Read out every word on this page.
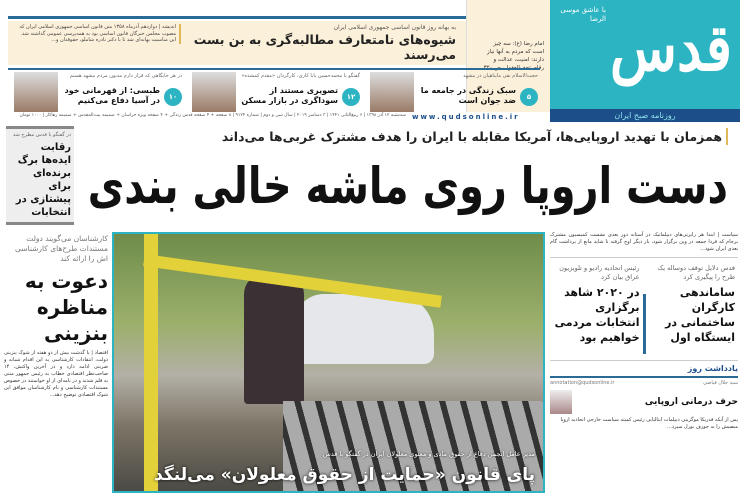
به بهانه روز قانون اساسی جمهوری اسلامی ایران
شیوه‌های نامتعارف مطالبه‌گری به بن بست می‌رسند
اندیشه | دوازدهم آذرماه ۱۳۵۸ متن قانون اساسی جمهوری اسلامی ایران که مصوب مجلس خبرگان قانون اساسی بود به همه‌پرسی عمومی گذاشته شد. این مناسبت بهانه‌ای شد تا با دکتر نادره شاملو، حقوقدان و...
امام رضا (ع): سه چیز است که مردم به آنها نیاز دارند: امنیت، عدالت و رفاه. تحف‌العقول، ص ۳۲۰ قدس
با عاشق موسی الرضا
روزنامه صبح ایران
حجت‌الاسلام نقی مایناهیان در مشهد
۵
سبک زندگی در جامعه ما ضد جوان است
گفتگو با محمدحسین بابا کاری، کارگردان «مقدم کمشده»
۱۲
تصویری مستند از سوداگری در بازار مسکن
در هر جایگاهی که قرار دارم مدیون مردم مشهد هستم
۱۰
طبسی: از قهرمانی خود در آسیا دفاع می‌کنیم
سه‌شنبه ۱۲ آذر ۱۳۹۸ | ۶ ربیع‌الثانی ۱۴۴۱ | ۳ دسامبر ۲۰۱۹ | سال سی و دوم | شماره ۹۱۲۴ | ۸ صفحه + ۴ صفحه قدس زندگی + ۴ صفحه ویژه خراسان + ضمیمه بیت‌المقدس + ضمیمه رهاکار | ۱۰۰۰ تومان www.qudsonline.ir
در گفتگو با قدس مطرح شد
رقابت ایده‌ها برگ برنده‌ای برای پیشتازی در انتخابات
همزمان با تهدید اروپایی‌ها، آمریکا مقابله با ایران را هدف مشترک غربی‌ها می‌داند
دست اروپا روی ماشه خالی بندی
مدیر عامل انجمن دفاع از حقوق مادی و معنوی معلولان ایران در گفتگو با قدس
پای قانون «حمایت از حقوق معلولان» می‌لنگد
کارشناسان می‌گویند دولت مستندات طرح‌های کارشناسی اش را ارائه کند
دعوت به مناظره بنزینی
اقتصاد | با گذشت بیش از دو هفته از شوک بنزینی دولت، انتقادات کارشناسی به این اقدام شبانه و ضربتی ادامه دارد و در آخرین واکنش، ۱۴ صاحب‌نظر اقتصادی خطاب به رئیس جمهور متنی به قلم شدند و در نامه‌ای از او خواستند در خصوص مستندات کارشناسی و نام کارشناسان موافق این شوک اقتصادی توضیح دهد...
سیاست | ابتدا هر رایزنی‌های دیپلماتیک در آستانه دور بعدی نشست کمیسیون مشترک برجام که فردا جمعه در وین برگزار شود، باز دیگر اوج گرفته تا شاید مانع از برداشت گام بعدی ایران شود...
قدس دلایل توقف دوساله یک طرح را پیگیری کرد
ساماندهی کارگران ساختمانی در ایستگاه اول
رئیس اتحادیه رادیو و تلویزیون عراق بیان کرد
در ۲۰۲۰ شاهد برگزاری انتخابات مردمی خواهیم بود
یادداشت روز
سید جلال فیاضی
annotation@qudsonline.ir
حرف درمانی اروپایی
پس از آنکه فدریکا موگرینی دیپلمات ایتالیایی رئیس کمیته سیاست خارجی اتحادیه اروپا منصبش را به جوزف بورل سپرد...
